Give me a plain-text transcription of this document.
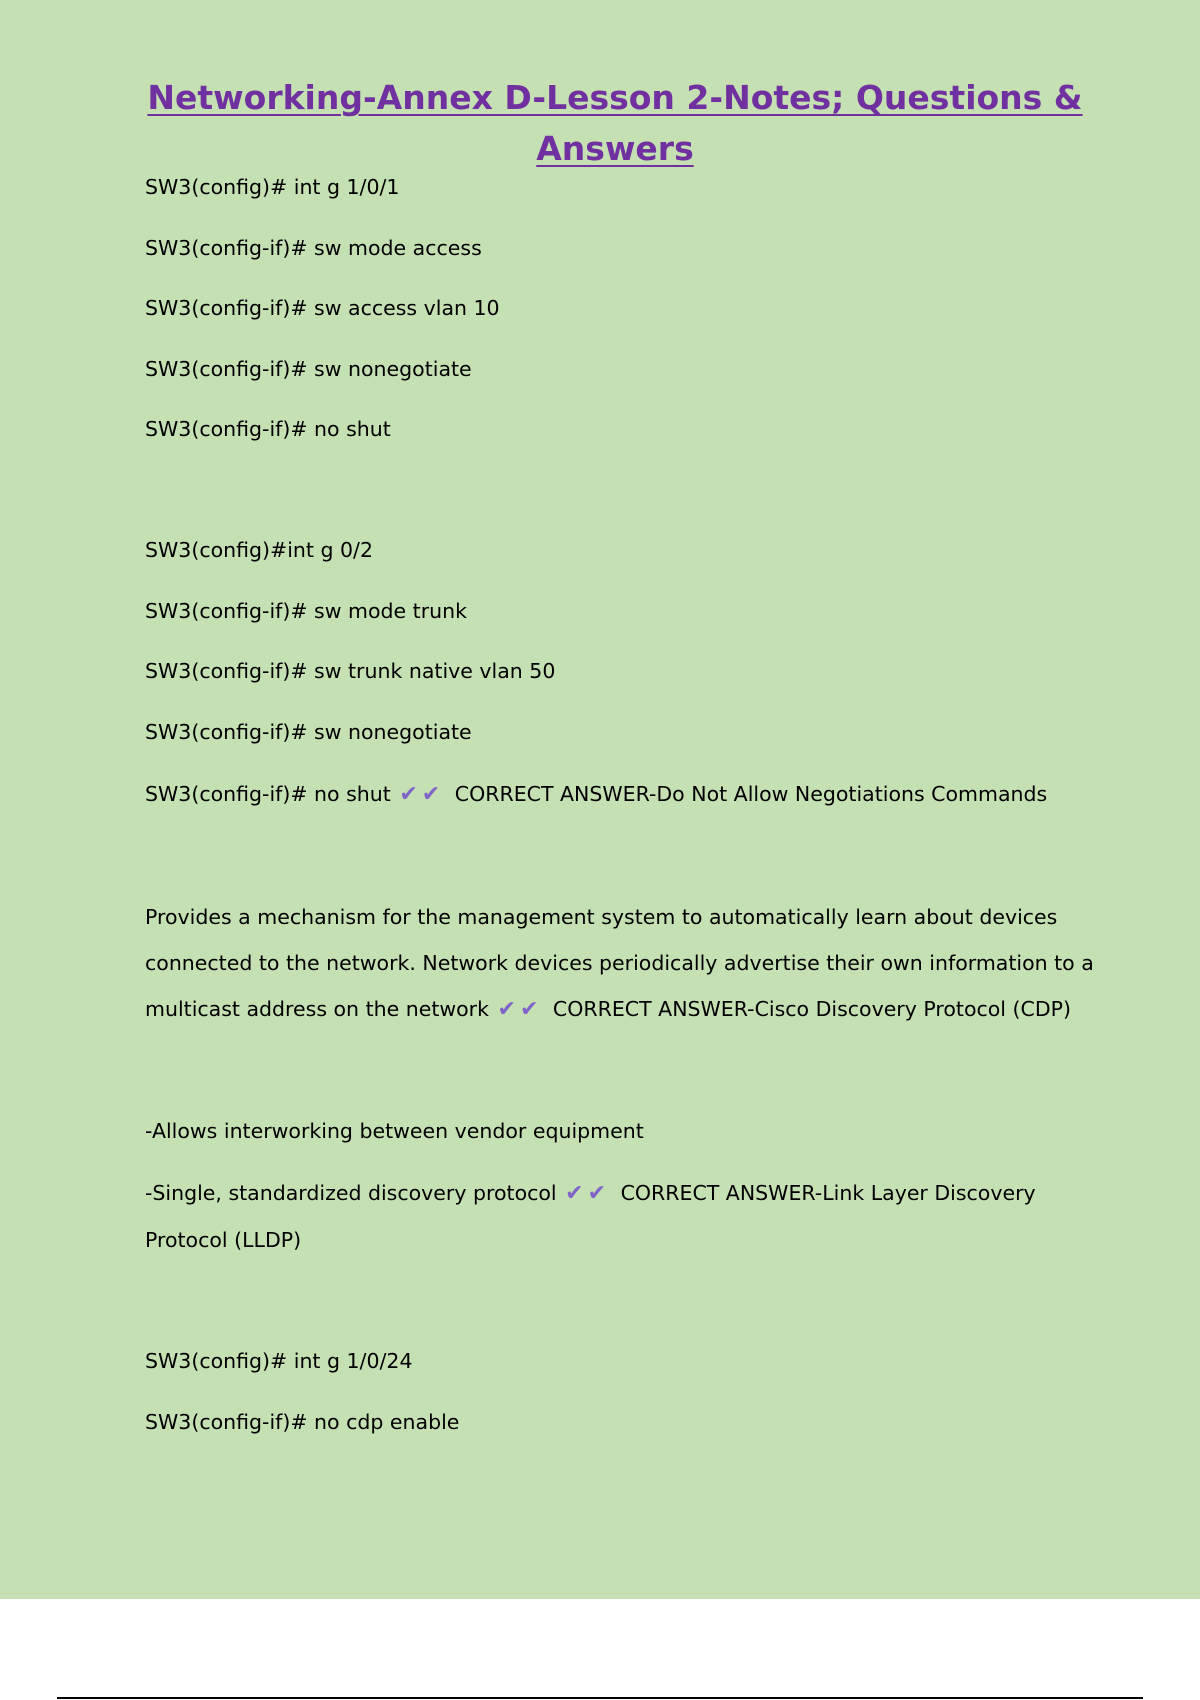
Networking-Annex D-Lesson 2-Notes; Questions &
Answers

SW3(config)# int g 1/0/1

SW3(config-if)# sw mode access

SW3(config-if)# sw access vlan 10

SW3(config-if)# sw nonegotiate

SW3(config-if)# no shut

SW3(config)#int g 0/2

SW3(config-if)# sw mode trunk

SW3(config-if)# sw trunk native vlan 50

SW3(config-if)# sw nonegotiate

SW3(config-if)# no shut ✔ ✔ CORRECT ANSWER-Do Not Allow Negotiations Commands

Provides a mechanism for the management system to automatically learn about devices connected to the network. Network devices periodically advertise their own information to a multicast address on the network ✔ ✔ CORRECT ANSWER-Cisco Discovery Protocol (CDP)

-Allows interworking between vendor equipment

-Single, standardized discovery protocol ✔ ✔ CORRECT ANSWER-Link Layer Discovery Protocol (LLDP)

SW3(config)# int g 1/0/24

SW3(config-if)# no cdp enable
